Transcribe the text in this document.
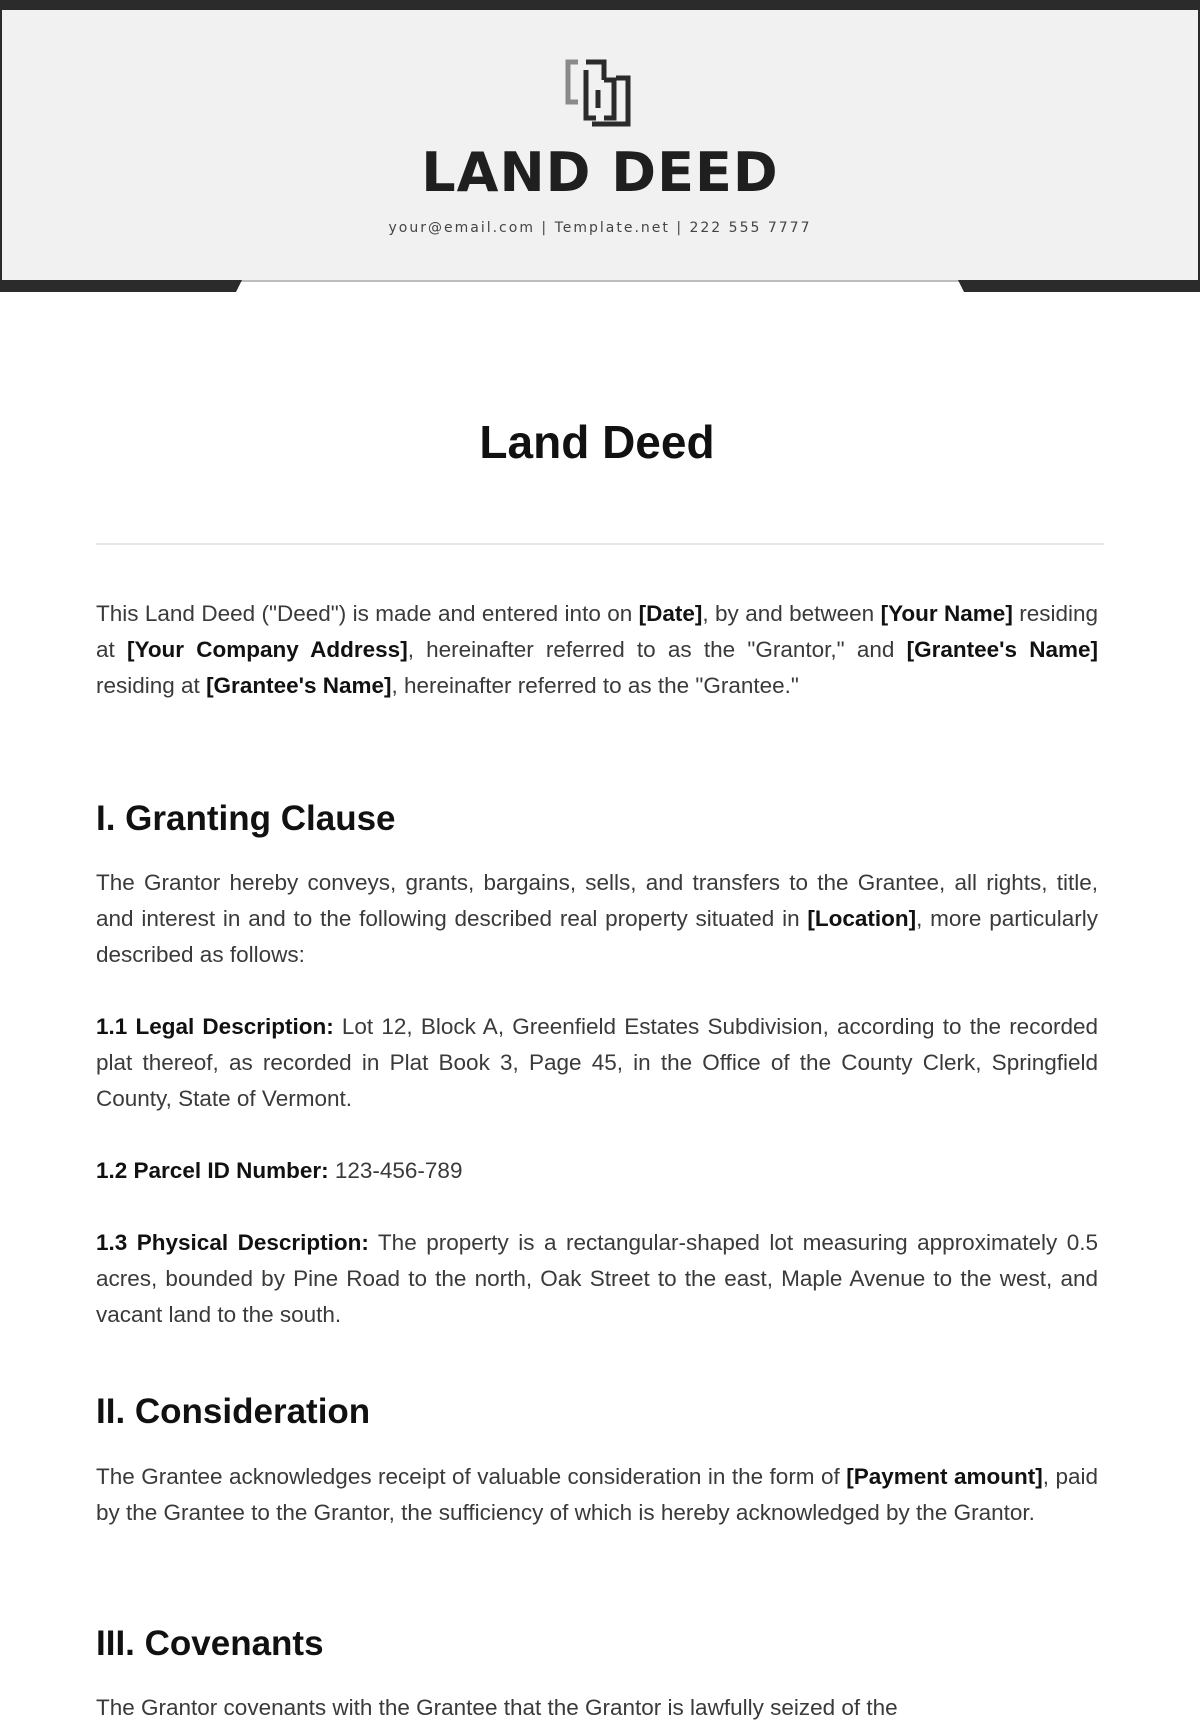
LAND DEED
your@email.com | Template.net | 222 555 7777
Land Deed

This Land Deed ("Deed") is made and entered into on [Date], by and between [Your Name] residing at [Your Company Address], hereinafter referred to as the "Grantor," and [Grantee's Name] residing at [Grantee's Name], hereinafter referred to as the "Grantee."

I. Granting Clause

The Grantor hereby conveys, grants, bargains, sells, and transfers to the Grantee, all rights, title, and interest in and to the following described real property situated in [Location], more particularly described as follows:

1.1 Legal Description: Lot 12, Block A, Greenfield Estates Subdivision, according to the recorded plat thereof, as recorded in Plat Book 3, Page 45, in the Office of the County Clerk, Springfield County, State of Vermont.

1.2 Parcel ID Number: 123-456-789

1.3 Physical Description: The property is a rectangular-shaped lot measuring approximately 0.5 acres, bounded by Pine Road to the north, Oak Street to the east, Maple Avenue to the west, and vacant land to the south.

II. Consideration

The Grantee acknowledges receipt of valuable consideration in the form of [Payment amount], paid by the Grantee to the Grantor, the sufficiency of which is hereby acknowledged by the Grantor.

III. Covenants

The Grantor covenants with the Grantee that the Grantor is lawfully seized of the
